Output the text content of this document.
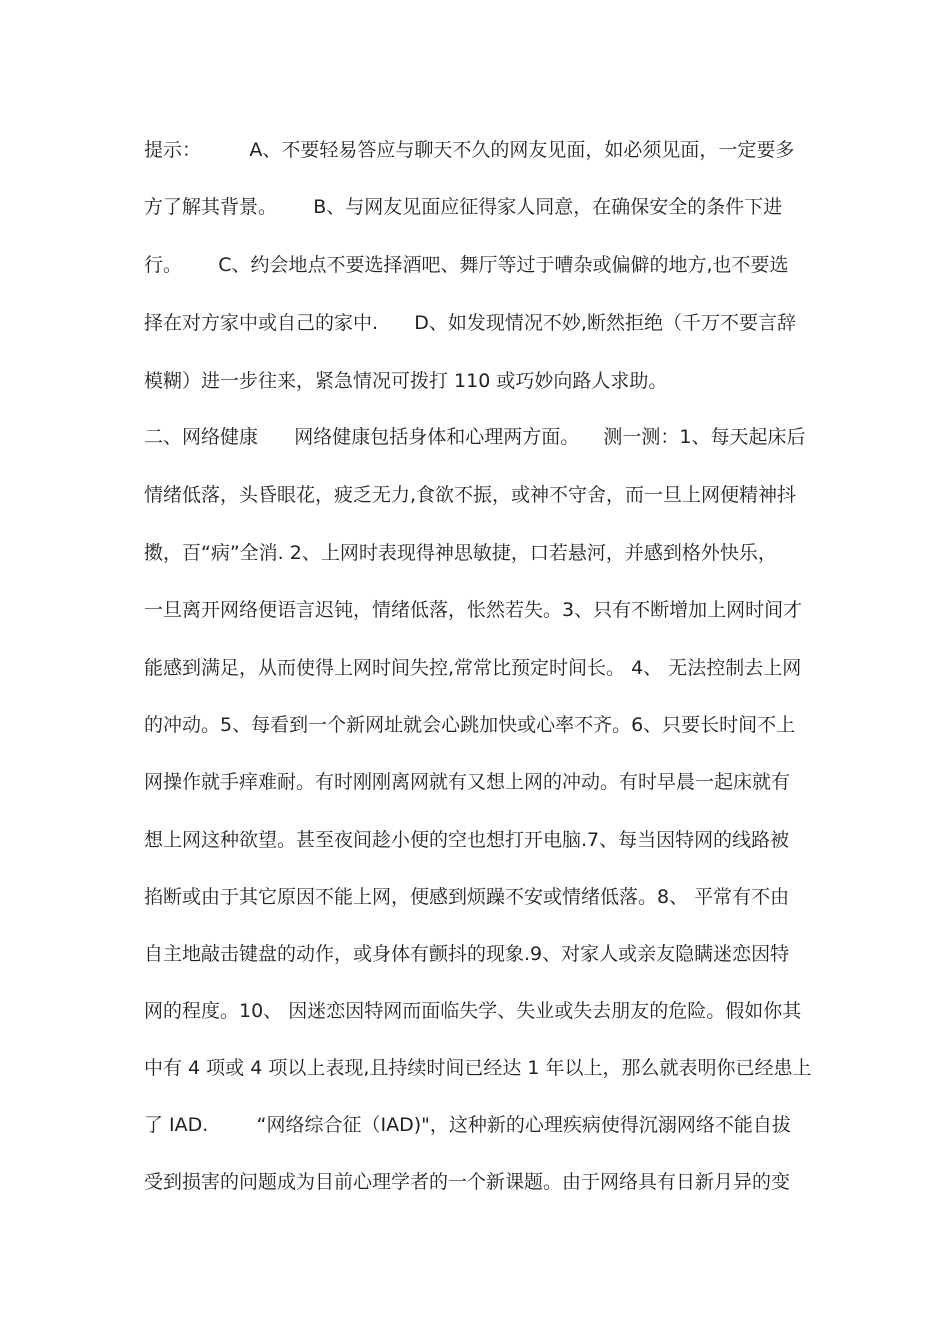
提示：        A、不要轻易答应与聊天不久的网友见面，如必须见面，一定要多
方了解其背景。      B、与网友见面应征得家人同意，在确保安全的条件下进
行。      C、约会地点不要选择酒吧、舞厅等过于嘈杂或偏僻的地方,也不要选
择在对方家中或自己的家中.      D、如发现情况不妙,断然拒绝（千万不要言辞
模糊）进一步往来，紧急情况可拨打 110 或巧妙向路人求助。
二、网络健康      网络健康包括身体和心理两方面。    测一测：1、每天起床后
情绪低落，头昏眼花，疲乏无力,食欲不振，或神不守舍，而一旦上网便精神抖
擞，百“病”全消. 2、上网时表现得神思敏捷，口若悬河，并感到格外快乐，
一旦离开网络便语言迟钝，情绪低落，怅然若失。3、只有不断增加上网时间才
能感到满足，从而使得上网时间失控,常常比预定时间长。 4、 无法控制去上网
的冲动。5、每看到一个新网址就会心跳加快或心率不齐。6、只要长时间不上
网操作就手痒难耐。有时刚刚离网就有又想上网的冲动。有时早晨一起床就有
想上网这种欲望。甚至夜间趁小便的空也想打开电脑.7、每当因特网的线路被
掐断或由于其它原因不能上网，便感到烦躁不安或情绪低落。8、 平常有不由
自主地敲击键盘的动作，或身体有颤抖的现象.9、对家人或亲友隐瞒迷恋因特
网的程度。10、 因迷恋因特网而面临失学、失业或失去朋友的危险。假如你其
中有 4 项或 4 项以上表现,且持续时间已经达 1 年以上，那么就表明你已经患上
了 IAD.        “网络综合征（IAD)"，这种新的心理疾病使得沉溺网络不能自拔
受到损害的问题成为目前心理学者的一个新课题。由于网络具有日新月异的变
